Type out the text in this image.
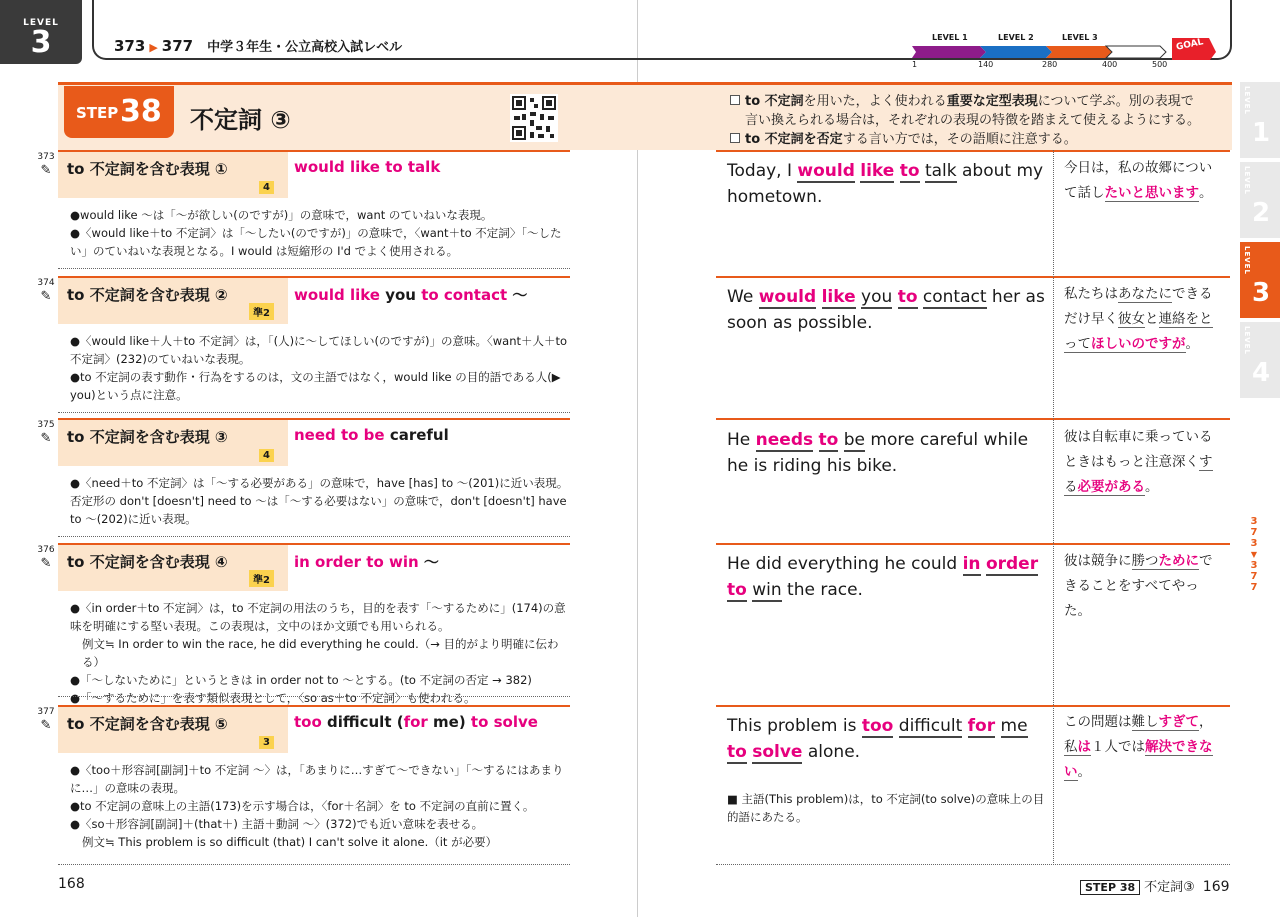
LEVEL
3	373 ▶ 377 中学３年生・公立高校入試レベル
LEVEL 1	LEVEL 2	LEVEL 3	GOAL
1	140	280	400	500
STEP 38 不定詞 ③
to 不定詞を用いた，よく使われる重要な定型表現について学ぶ。別の表現で
言い換えられる場合は，それぞれの表現の特徴を踏まえて使えるようにする。
to 不定詞を否定する言い方では，その語順に注意する。
373
✎	to 不定詞を含む表現 ①
4
would like to talk

●would like ～は「～が欲しい(のですが)」の意味で，want のていねいな表現。

●〈would like＋to 不定詞〉は「～したい(のですが)」の意味で，〈want＋to 不定詞〉「～したい」のていねいな表現となる。I would は短縮形の I'd でよく使用される。

Today, I would like to talk about my hometown.
今日は，私の故郷について話したいと思います。
374
✎	to 不定詞を含む表現 ②
準2
would like you to contact 〜

●〈would like＋人＋to 不定詞〉は，「(人)に～してほしい(のですが)」の意味。〈want＋人＋to 不定詞〉(232)のていねいな表現。

●to 不定詞の表す動作・行為をするのは，文の主語ではなく，would like の目的語である人(▶ you)という点に注意。

We would like you to contact her as soon as possible.
私たちはあなたにできるだけ早く彼女と連絡をとってほしいのですが。
375
✎	to 不定詞を含む表現 ③
4
need to be careful

●〈need＋to 不定詞〉は「～する必要がある」の意味で，have [has] to ～(201)に近い表現。否定形の don't [doesn't] need to ～は「～する必要はない」の意味で，don't [doesn't] have to ～(202)に近い表現。

He needs to be more careful while he is riding his bike.
彼は自転車に乗っているときはもっと注意深くする必要がある。
376
✎	to 不定詞を含む表現 ④
準2
in order to win 〜

●〈in order＋to 不定詞〉は，to 不定詞の用法のうち，目的を表す「～するために」(174)の意味を明確にする堅い表現。この表現は，文中のほか文頭でも用いられる。

例文≒ In order to win the race, he did everything he could.（→ 目的がより明確に伝わる）

●「～しないために」というときは in order not to ～とする。(to 不定詞の否定 → 382)

●「～するために」を表す類似表現として，〈so as＋to 不定詞〉も使われる。

He did everything he could in order to win the race.
彼は競争に勝つためにできることをすべてやった。
377
✎	to 不定詞を含む表現 ⑤
3
too difficult (for me) to solve

●〈too＋形容詞[副詞]＋to 不定詞 ～〉は，「あまりに…すぎて～できない」「～するにはあまりに…」の意味の表現。

●to 不定詞の意味上の主語(173)を示す場合は，〈for＋名詞〉を to 不定詞の直前に置く。

●〈so＋形容詞[副詞]＋(that＋) 主語＋動詞 ～〉(372)でも近い意味を表せる。

例文≒ This problem is so difficult (that) I can't solve it alone.（it が必要）

This problem is too difficult for me to solve alone.
この問題は難しすぎて，私は１人では解決できない。
■ 主語(This problem)は，to 不定詞(to solve)の意味上の目的語にあたる。
LEVEL
1
LEVEL
2
LEVEL
3
LEVEL
4
3
7
3
▼
3
7
7
168	STEP 38 不定詞③ 169
